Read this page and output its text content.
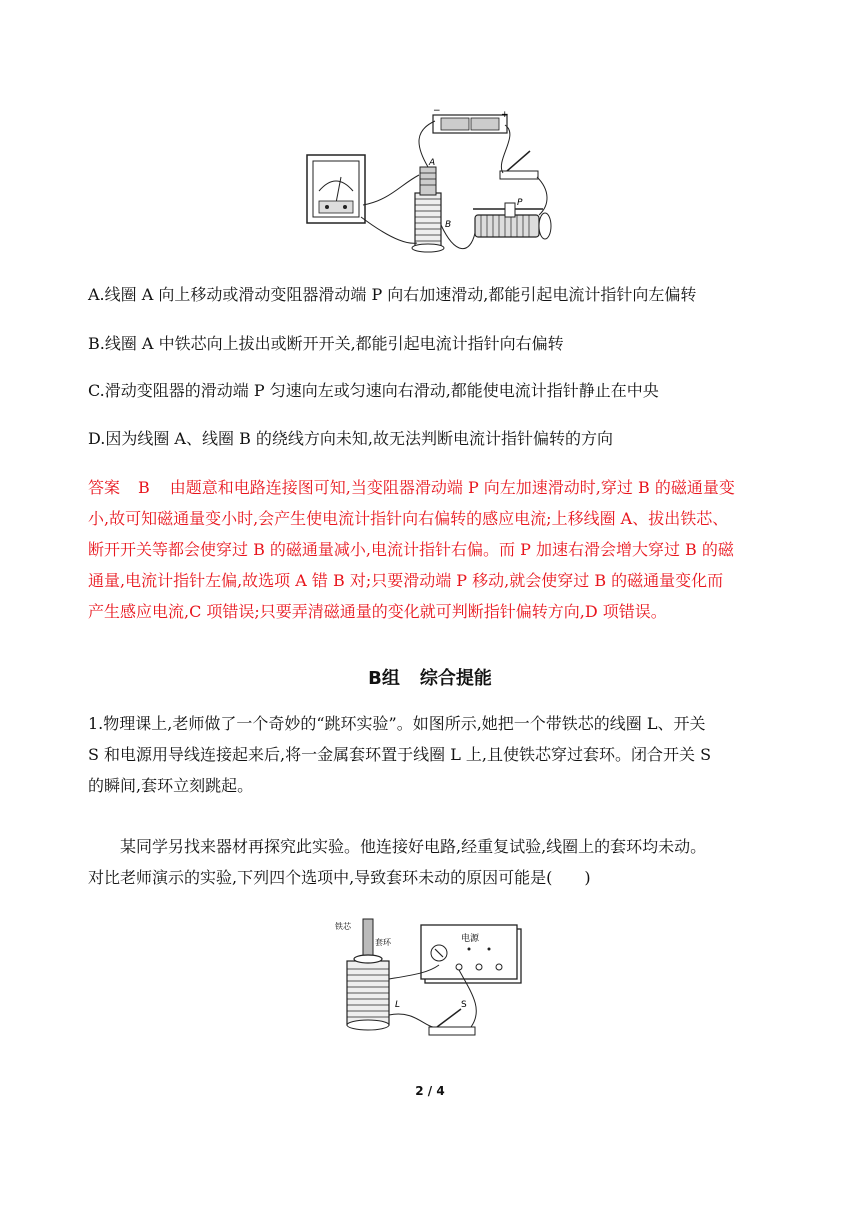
A
B
P
−	+
A.线圈 A 向上移动或滑动变阻器滑动端 P 向右加速滑动,都能引起电流计指针向左偏转
B.线圈 A 中铁芯向上拔出或断开开关,都能引起电流计指针向右偏转
C.滑动变阻器的滑动端 P 匀速向左或匀速向右滑动,都能使电流计指针静止在中央
D.因为线圈 A、线圈 B 的绕线方向未知,故无法判断电流计指针偏转的方向
答案 B 由题意和电路连接图可知,当变阻器滑动端 P 向左加速滑动时,穿过 B 的磁通量变
小,故可知磁通量变小时,会产生使电流计指针向右偏转的感应电流;上移线圈 A、拔出铁芯、
断开开关等都会使穿过 B 的磁通量减小,电流计指针右偏。而 P 加速右滑会增大穿过 B 的磁
通量,电流计指针左偏,故选项 A 错 B 对;只要滑动端 P 移动,就会使穿过 B 的磁通量变化而
产生感应电流,C 项错误;只要弄清磁通量的变化就可判断指针偏转方向,D 项错误。
B组 综合提能
1.物理课上,老师做了一个奇妙的“跳环实验”。如图所示,她把一个带铁芯的线圈 L、开关
S 和电源用导线连接起来后,将一金属套环置于线圈 L 上,且使铁芯穿过套环。闭合开关 S
的瞬间,套环立刻跳起。
某同学另找来器材再探究此实验。他连接好电路,经重复试验,线圈上的套环均未动。
对比老师演示的实验,下列四个选项中,导致套环未动的原因可能是(　　)
铁芯
套环	电源
L	S
2 / 4
